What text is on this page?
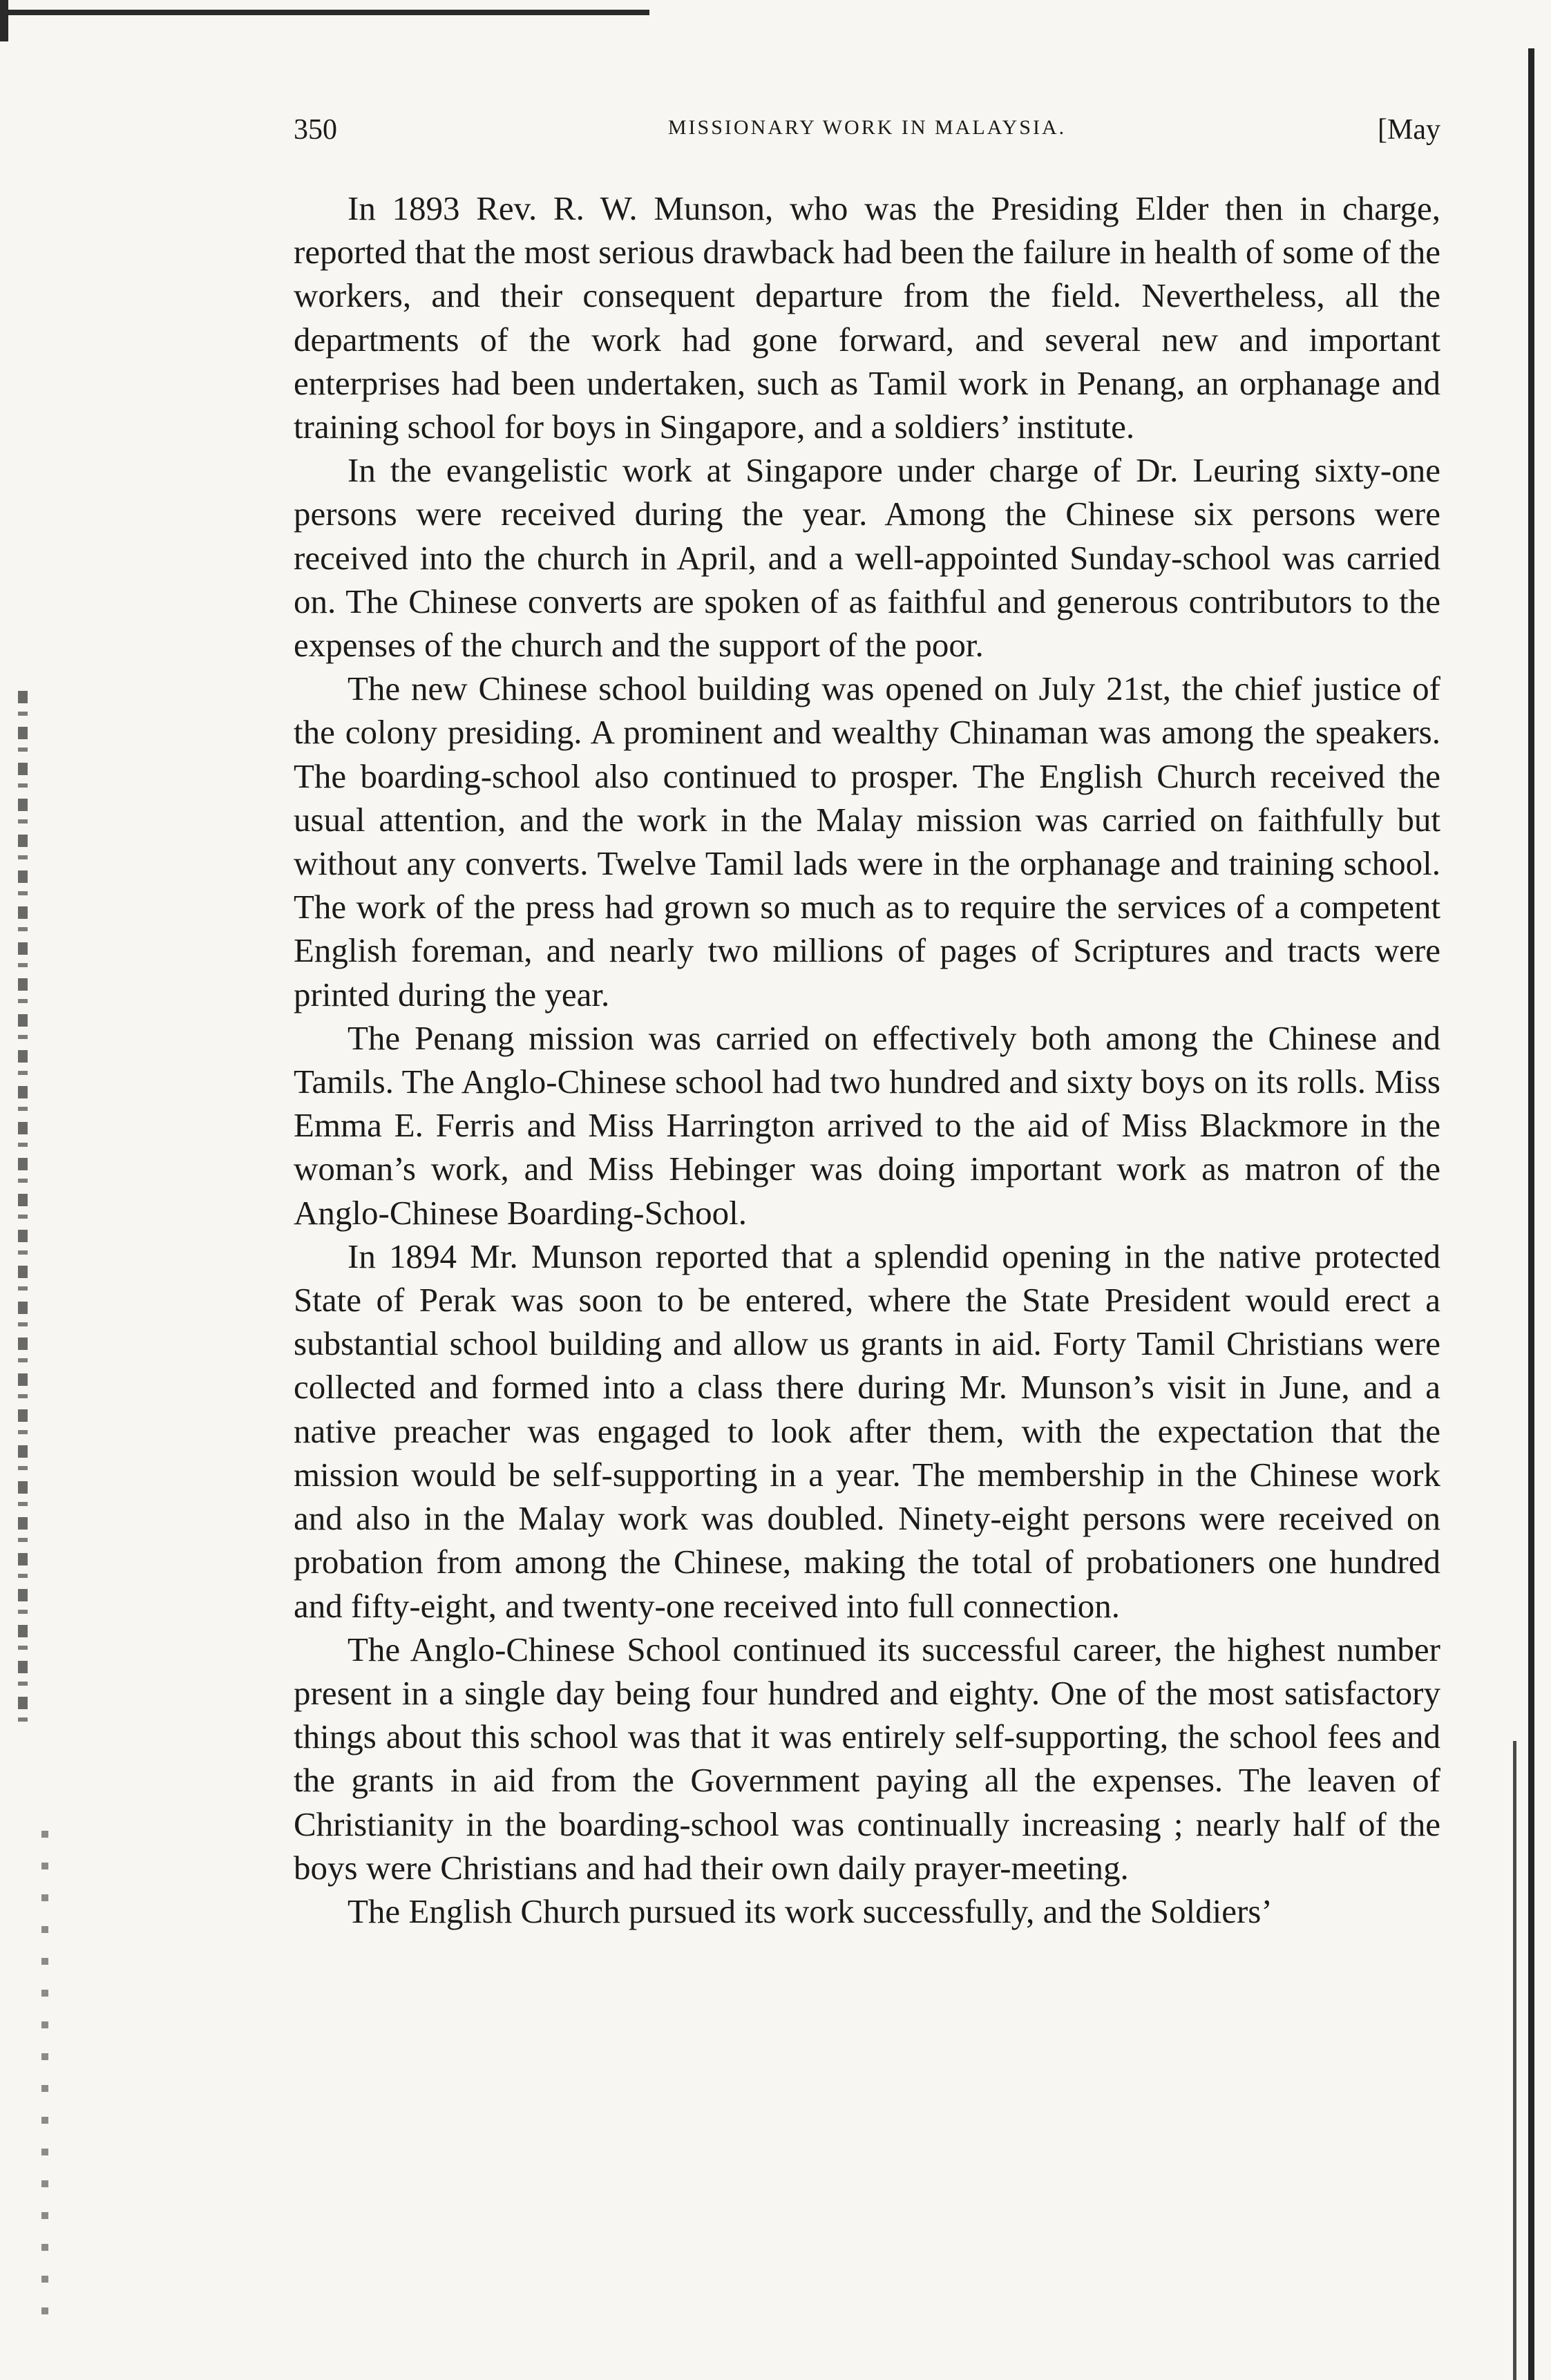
350	MISSIONARY WORK IN MALAYSIA.	[May

In 1893 Rev. R. W. Munson, who was the Presiding Elder then in charge, reported that the most serious drawback had been the failure in health of some of the workers, and their consequent departure from the field. Nevertheless, all the departments of the work had gone forward, and several new and important enterprises had been undertaken, such as Tamil work in Penang, an orphanage and training school for boys in Singapore, and a soldiers’ institute.

In the evangelistic work at Singapore under charge of Dr. Leuring sixty-one persons were received during the year. Among the Chinese six persons were received into the church in April, and a well-appointed Sunday-school was carried on. The Chinese converts are spoken of as faithful and generous contributors to the expenses of the church and the support of the poor.

The new Chinese school building was opened on July 21st, the chief justice of the colony presiding. A prominent and wealthy Chinaman was among the speakers. The boarding-school also continued to prosper. The English Church received the usual attention, and the work in the Malay mission was carried on faithfully but without any converts. Twelve Tamil lads were in the orphanage and training school. The work of the press had grown so much as to require the services of a competent English foreman, and nearly two millions of pages of Scriptures and tracts were printed during the year.

The Penang mission was carried on effectively both among the Chinese and Tamils. The Anglo-Chinese school had two hundred and sixty boys on its rolls. Miss Emma E. Ferris and Miss Harrington arrived to the aid of Miss Blackmore in the woman’s work, and Miss Hebinger was doing important work as matron of the Anglo-Chinese Boarding-School.

In 1894 Mr. Munson reported that a splendid opening in the native protected State of Perak was soon to be entered, where the State President would erect a substantial school building and allow us grants in aid. Forty Tamil Christians were collected and formed into a class there during Mr. Munson’s visit in June, and a native preacher was engaged to look after them, with the expectation that the mission would be self-supporting in a year. The membership in the Chinese work and also in the Malay work was doubled. Ninety-eight persons were received on probation from among the Chinese, making the total of probationers one hundred and fifty-eight, and twenty-one received into full connection.

The Anglo-Chinese School continued its successful career, the highest number present in a single day being four hundred and eighty. One of the most satisfactory things about this school was that it was entirely self-supporting, the school fees and the grants in aid from the Government paying all the expenses. The leaven of Christianity in the boarding-school was continually increasing ; nearly half of the boys were Christians and had their own daily prayer-meeting.

The English Church pursued its work successfully, and the Soldiers’
